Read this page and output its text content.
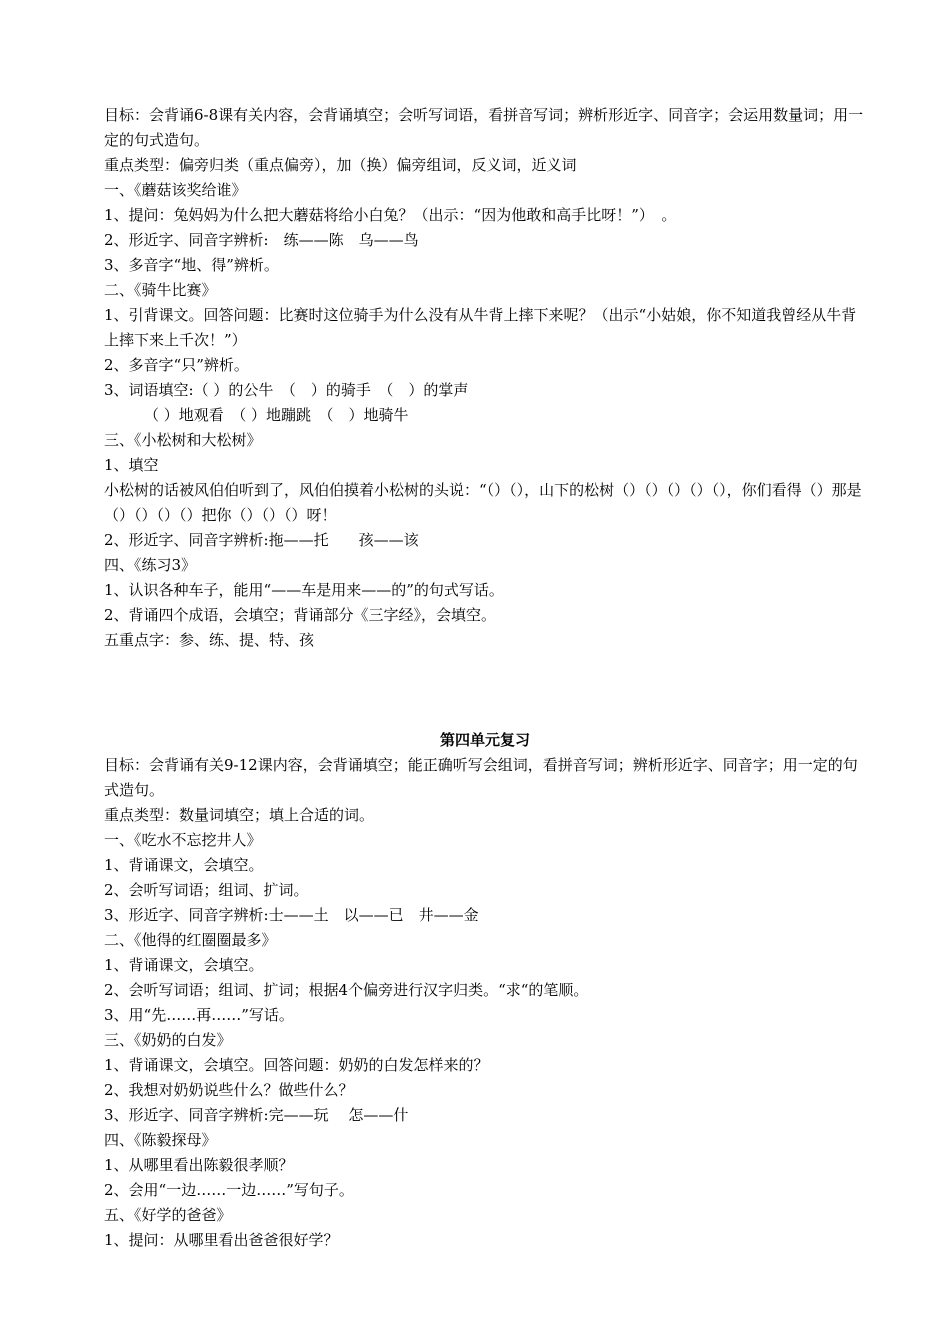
目标：会背诵6-8课有关内容，会背诵填空；会听写词语，看拼音写词；辨析形近字、同音字；会运用数量词；用一定的句式造句。
重点类型：偏旁归类（重点偏旁），加（换）偏旁组词，反义词，近义词
一、《蘑菇该奖给谁》
1、提问：兔妈妈为什么把大蘑菇将给小白兔？（出示：“因为他敢和高手比呀！”）　。
2、形近字、同音字辨析:　练——陈　乌——鸟
3、多音字“地、得”辨析。
二、《骑牛比赛》
1、引背课文。回答问题：比赛时这位骑手为什么没有从牛背上摔下来呢？（出示“小姑娘，你不知道我曾经从牛背上摔下来上千次！”）
2、多音字“只”辨析。
3、词语填空:（ ）的公牛　（　）的骑手　（　）的掌声
（ ）地观看　（ ）地蹦跳　（　）地骑牛
三、《小松树和大松树》
1、填空
小松树的话被风伯伯听到了，风伯伯摸着小松树的头说：“（）（），山下的松树（）（）（）（）（），你们看得（）那是（）（）（）（）把你（）（）（）呀！
2、形近字、同音字辨析:拖——托　　孩——该
四、《练习3》
1、认识各种车子，能用“——车是用来——的”的句式写话。
2、背诵四个成语，会填空；背诵部分《三字经》，会填空。
五重点字：参、练、提、特、孩
第四单元复习
目标：会背诵有关9-12课内容，会背诵填空；能正确听写会组词，看拼音写词；辨析形近字、同音字；用一定的句式造句。
重点类型：数量词填空；填上合适的词。
一、《吃水不忘挖井人》
1、背诵课文，会填空。
2、会听写词语；组词、扩词。
3、形近字、同音字辨析:士——土　以——已　井——金
二、《他得的红圈圈最多》
1、背诵课文，会填空。
2、会听写词语；组词、扩词；根据4个偏旁进行汉字归类。“求“的笔顺。
3、用“先……再……”写话。
三、《奶奶的白发》
1、背诵课文，会填空。回答问题：奶奶的白发怎样来的？
2、我想对奶奶说些什么？做些什么？
3、形近字、同音字辨析:完——玩　 怎——什
四、《陈毅探母》
1、从哪里看出陈毅很孝顺？
2、会用“一边……一边……”写句子。
五、《好学的爸爸》
1、提问：从哪里看出爸爸很好学？
